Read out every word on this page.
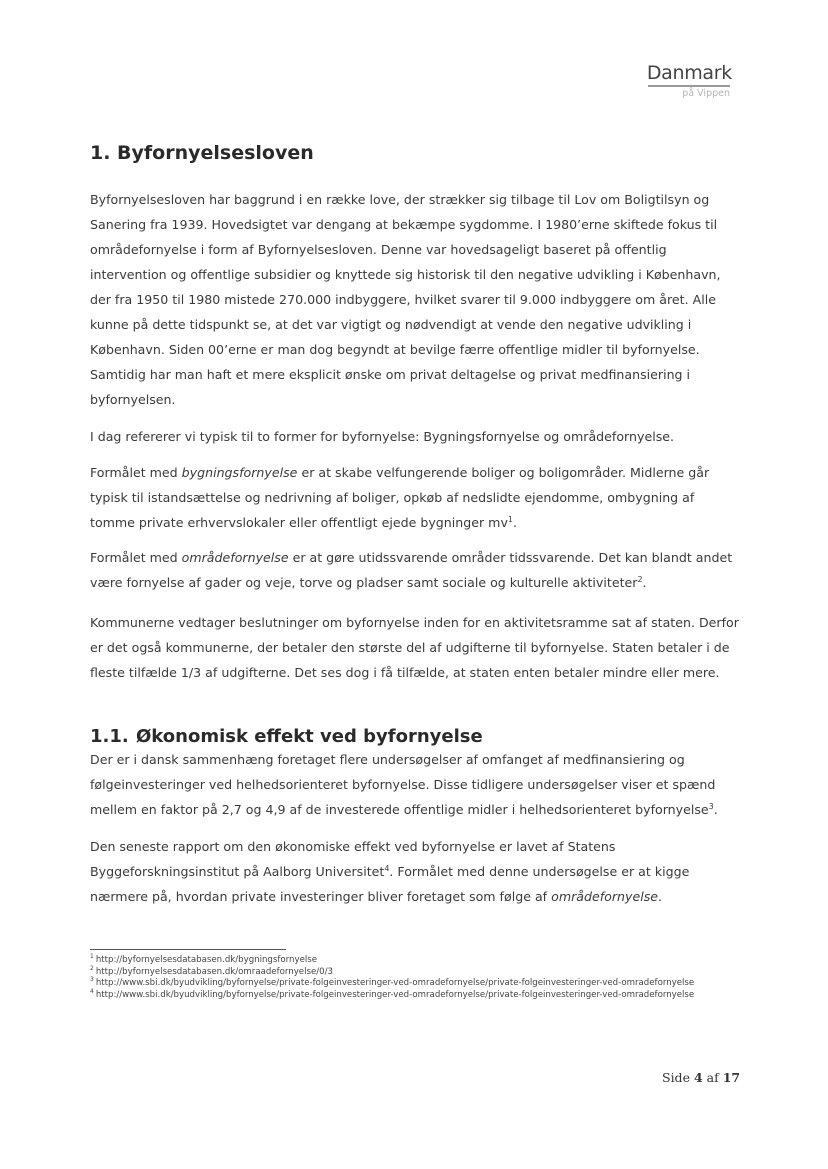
Danmark
på Vippen
1. Byfornyelsesloven

Byfornyelsesloven har baggrund i en række love, der strækker sig tilbage til Lov om Boligtilsyn og Sanering fra 1939. Hovedsigtet var dengang at bekæmpe sygdomme. I 1980’erne skiftede fokus til områdefornyelse i form af Byfornyelsesloven. Denne var hovedsageligt baseret på offentlig intervention og offentlige subsidier og knyttede sig historisk til den negative udvikling i København, der fra 1950 til 1980 mistede 270.000 indbyggere, hvilket svarer til 9.000 indbyggere om året. Alle kunne på dette tidspunkt se, at det var vigtigt og nødvendigt at vende den negative udvikling i København. Siden 00’erne er man dog begyndt at bevilge færre offentlige midler til byfornyelse. Samtidig har man haft et mere eksplicit ønske om privat deltagelse og privat medfinansiering i byfornyelsen.

I dag refererer vi typisk til to former for byfornyelse: Bygningsfornyelse og områdefornyelse.

Formålet med bygningsfornyelse er at skabe velfungerende boliger og boligområder. Midlerne går typisk til istandsættelse og nedrivning af boliger, opkøb af nedslidte ejendomme, ombygning af tomme private erhvervslokaler eller offentligt ejede bygninger $mv^1$.

Formålet med områdefornyelse er at gøre utidssvarende områder tidssvarende. Det kan blandt andet være fornyelse af gader og veje, torve og pladser samt sociale og kulturelle aktiviteter$^2$.

Kommunerne vedtager beslutninger om byfornyelse inden for en aktivitetsramme sat af staten. Derfor er det også kommunerne, der betaler den største del af udgifterne til byfornyelse. Staten betaler i de fleste tilfælde 1/3 af udgifterne. Det ses dog i få tilfælde, at staten enten betaler mindre eller mere.

1.1. Økonomisk effekt ved byfornyelse

Der er i dansk sammenhæng foretaget flere undersøgelser af omfanget af medfinansiering og følgeinvesteringer ved helhedsorienteret byfornyelse. Disse tidligere undersøgelser viser et spænd mellem en faktor på 2,7 og 4,9 af de investerede offentlige midler i helhedsorienteret byfornyelse$^3$.

Den seneste rapport om den økonomiske effekt ved byfornyelse er lavet af Statens Byggeforskningsinstitut på Aalborg Universitet$^4$. Formålet med denne undersøgelse er at kigge nærmere på, hvordan private investeringer bliver foretaget som følge af områdefornyelse.

$^1$ http://byfornyelsesdatabasen.dk/bygningsfornyelse

$^2$ http://byfornyelsesdatabasen.dk/omraadefornyelse/0/3

$^3$ http://www.sbi.dk/byudvikling/byfornyelse/private-folgeinvesteringer-ved-omradefornyelse/private-folgeinvesteringer-ved-omradefornyelse

$^4$ http://www.sbi.dk/byudvikling/byfornyelse/private-folgeinvesteringer-ved-omradefornyelse/private-folgeinvesteringer-ved-omradefornyelse

Side 4 af 17
